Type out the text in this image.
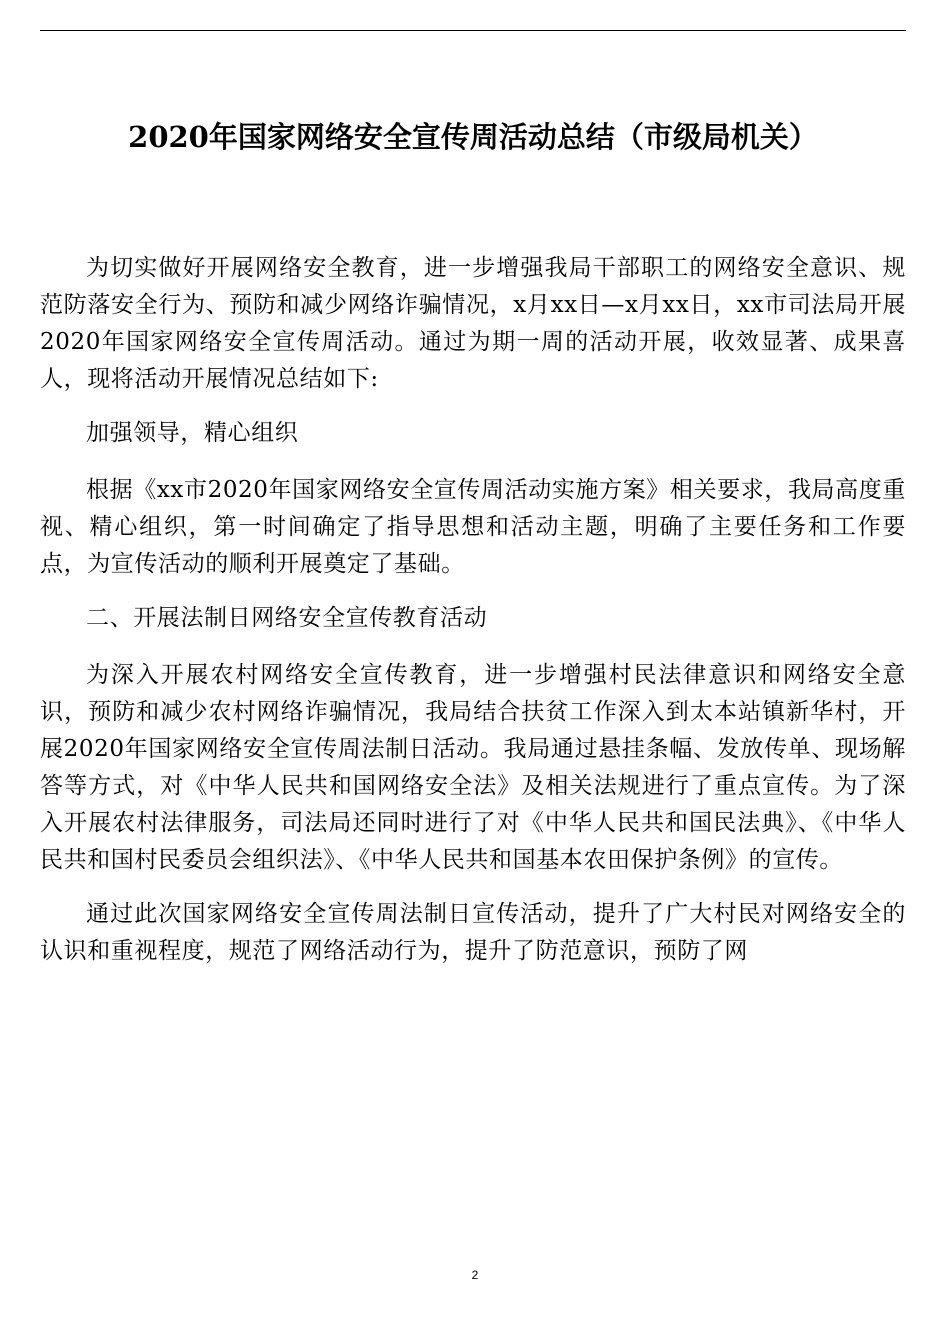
2020年国家网络安全宣传周活动总结（市级局机关）

为切实做好开展网络安全教育，进一步增强我局干部职工的网络安全意识、规范防落安全行为、预防和减少网络诈骗情况，x月xx日—x月xx日，xx市司法局开展2020年国家网络安全宣传周活动。通过为期一周的活动开展，收效显著、成果喜人，现将活动开展情况总结如下:

加强领导，精心组织

根据《xx市2020年国家网络安全宣传周活动实施方案》相关要求，我局高度重视、精心组织，第一时间确定了指导思想和活动主题，明确了主要任务和工作要点，为宣传活动的顺利开展奠定了基础。

二、开展法制日网络安全宣传教育活动

为深入开展农村网络安全宣传教育，进一步增强村民法律意识和网络安全意识，预防和减少农村网络诈骗情况，我局结合扶贫工作深入到太本站镇新华村，开展2020年国家网络安全宣传周法制日活动。我局通过悬挂条幅、发放传单、现场解答等方式，对《中华人民共和国网络安全法》及相关法规进行了重点宣传。为了深入开展农村法律服务，司法局还同时进行了对《中华人民共和国民法典》、《中华人民共和国村民委员会组织法》、《中华人民共和国基本农田保护条例》的宣传。

通过此次国家网络安全宣传周法制日宣传活动，提升了广大村民对网络安全的认识和重视程度，规范了网络活动行为，提升了防范意识，预防了网

2
